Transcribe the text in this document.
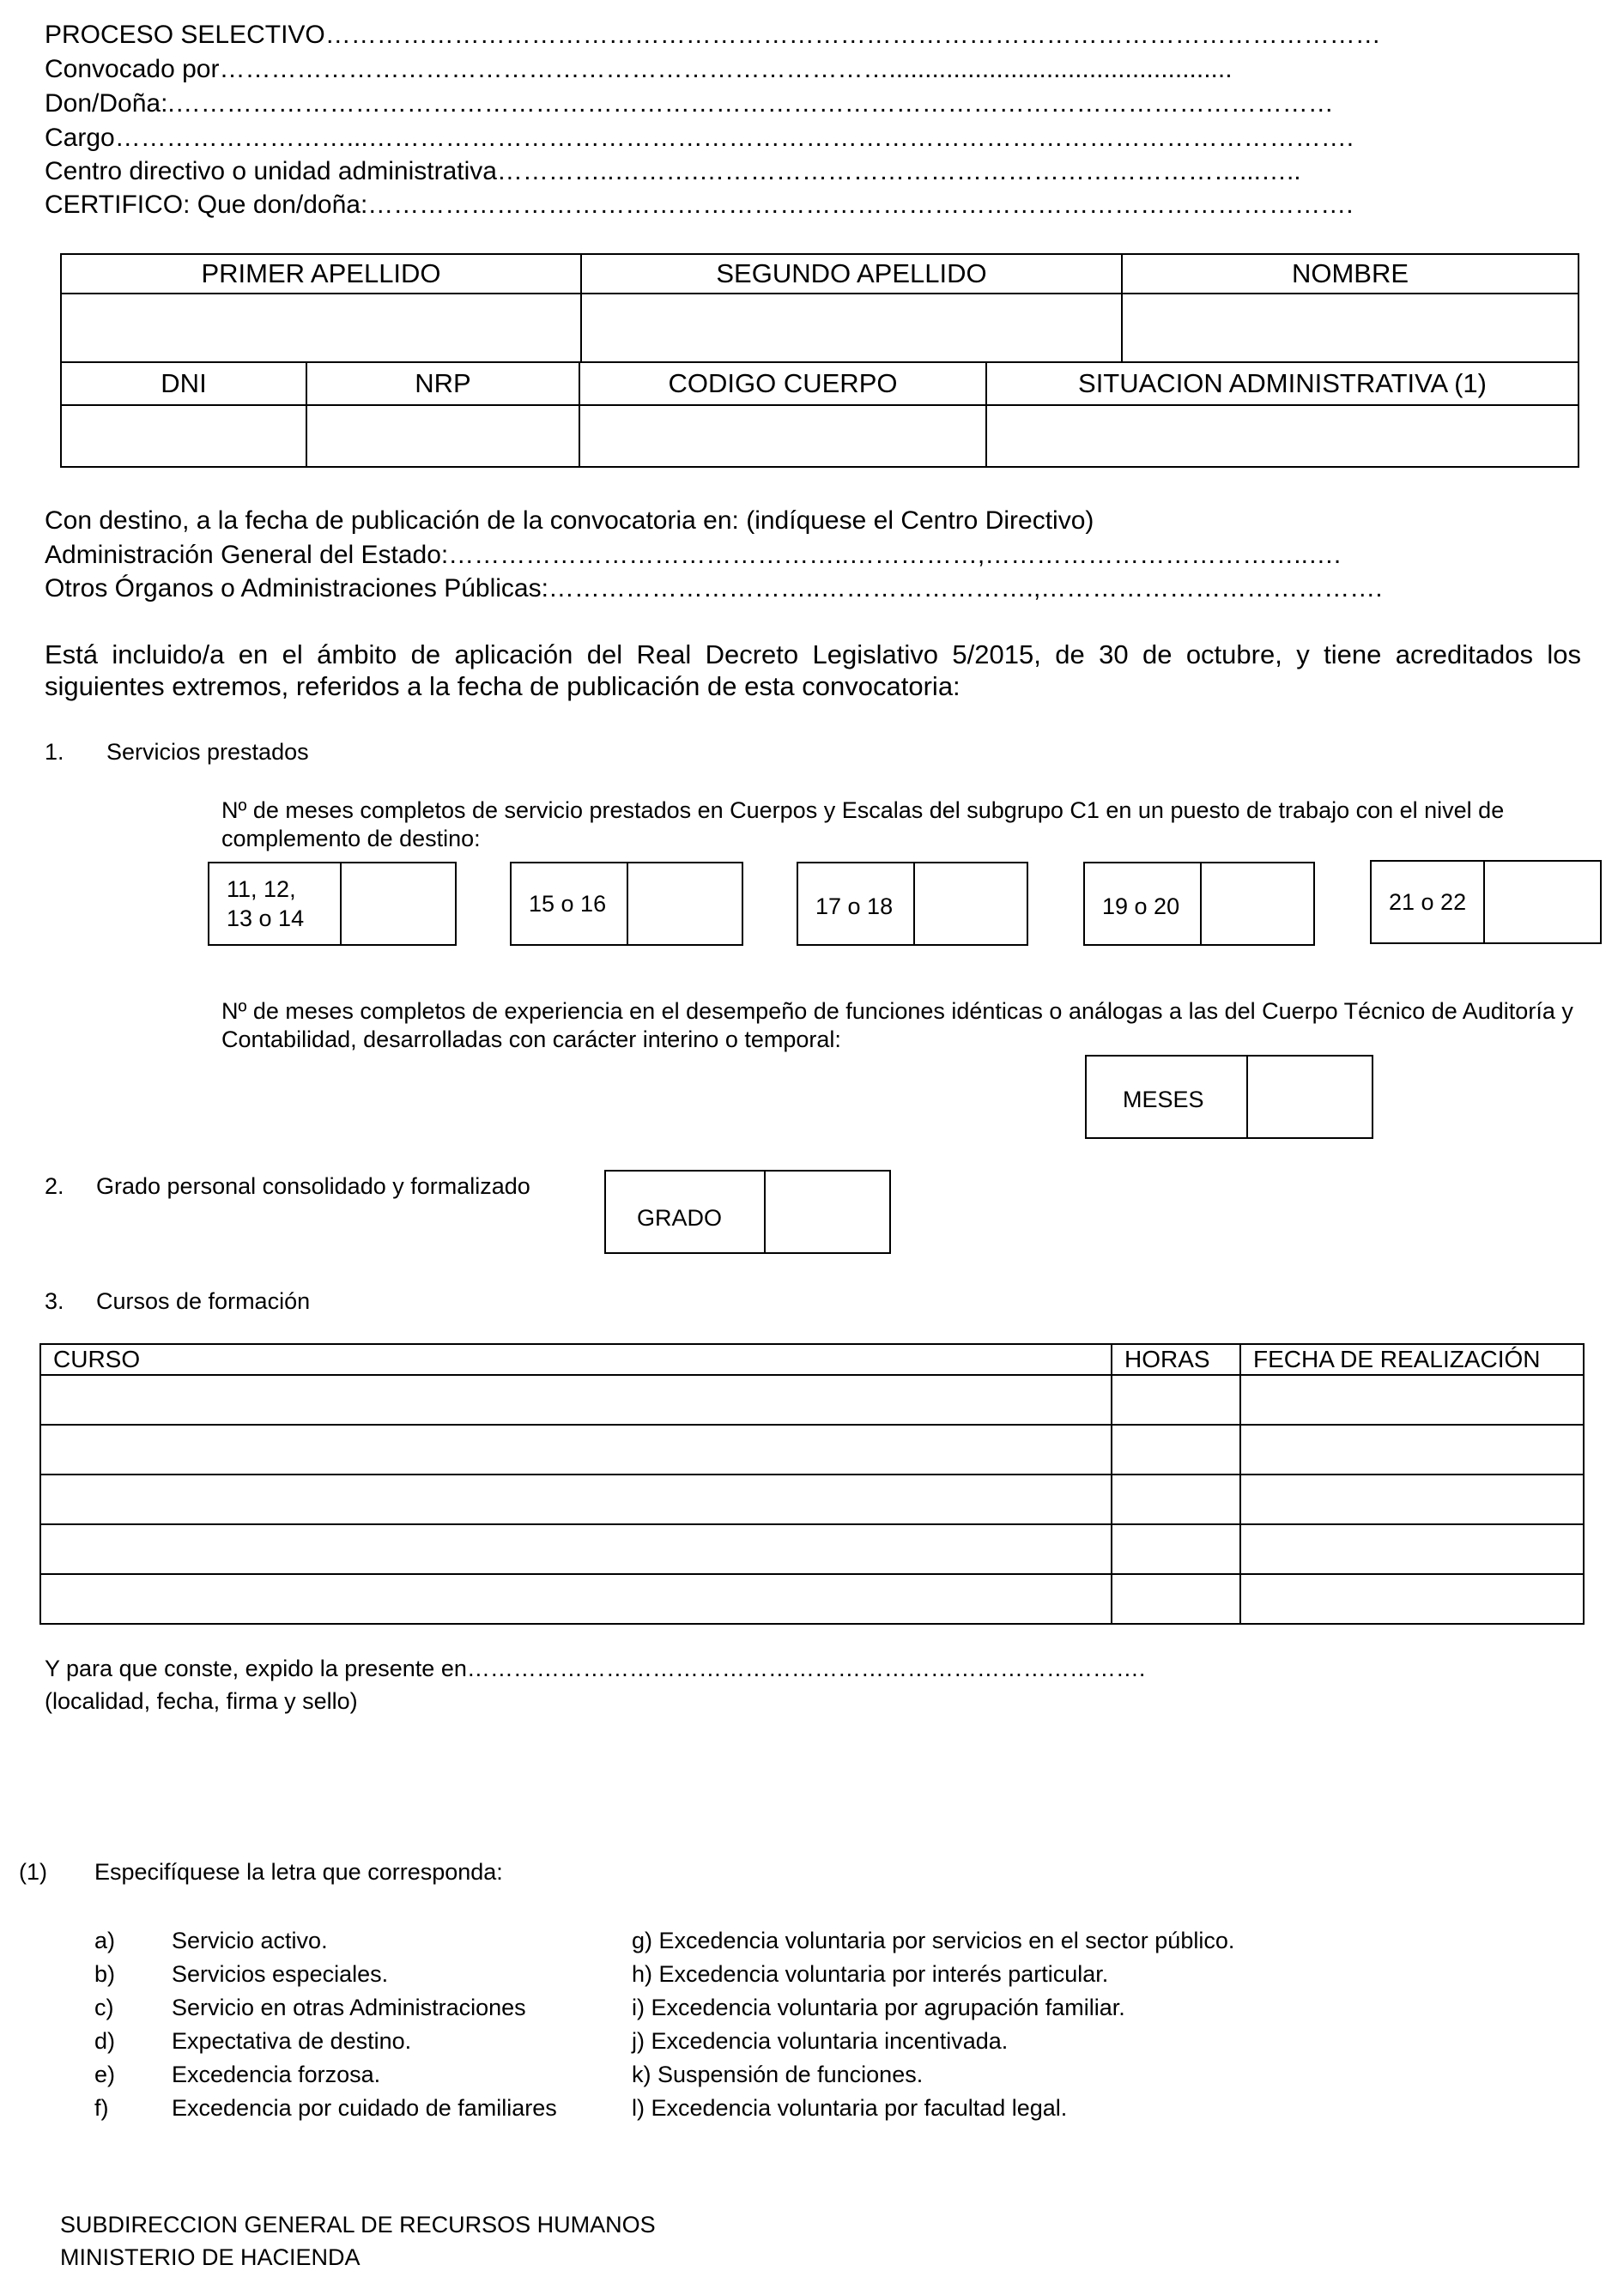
PROCESO SELECTIVO……………………………………………………………………………………………………………
Convocado por……………………………………………………………………................................................
Don/Doña:.………………………………………………………………………………………………………………………
Cargo………………………...…………………………………………………………………………………………………….
Centro directivo o unidad administrativa…………..……….………………………………………………………...…..
CERTIFICO: Que don/doña:…………………………………………………………………………………………………….
PRIMER APELLIDO	SEGUNDO APELLIDO	NOMBRE

DNI	NRP	CODIGO CUERPO	SITUACION ADMINISTRATIVA (1)

Con destino, a la fecha de publicación de la convocatoria en: (indíquese el Centro Directivo)
Administración General del Estado:………………………………………..……………,………………………………..….
Otros Órganos o Administraciones Públicas:…………………………..…………………….,………………………………….
Está incluido/a en el ámbito de aplicación del Real Decreto Legislativo 5/2015, de 30 de octubre, y tiene acreditados los siguientes extremos, referidos a la fecha de publicación de esta convocatoria:
1. Servicios prestados
Nº de meses completos de servicio prestados en Cuerpos y Escalas del subgrupo C1 en un puesto de trabajo con el nivel de complemento de destino:
11, 12,
13 o 14
15 o 16	17 o 18	19 o 20	21 o 22
Nº de meses completos de experiencia en el desempeño de funciones idénticas o análogas a las del Cuerpo Técnico de Auditoría y Contabilidad, desarrolladas con carácter interino o temporal:
MESES
2. Grado personal consolidado y formalizado
GRADO
3. Cursos de formación
CURSO	HORAS	FECHA DE REALIZACIÓN

Y para que conste, expido la presente en…………………………………………………………………………….
(localidad, fecha, firma y sello)
(1) Especifíquese la letra que corresponda:
a) Servicio activo.
b) Servicios especiales.
c)	Servicio en otras Administraciones
d) Expectativa de destino.
e) Excedencia forzosa.
f)	Excedencia por cuidado de familiares
g) Excedencia voluntaria por servicios en el sector público.
h) Excedencia voluntaria por interés particular.
i) Excedencia voluntaria por agrupación familiar.
j) Excedencia voluntaria incentivada.
k) Suspensión de funciones.
l) Excedencia voluntaria por facultad legal.
SUBDIRECCION GENERAL DE RECURSOS HUMANOS
MINISTERIO DE HACIENDA
